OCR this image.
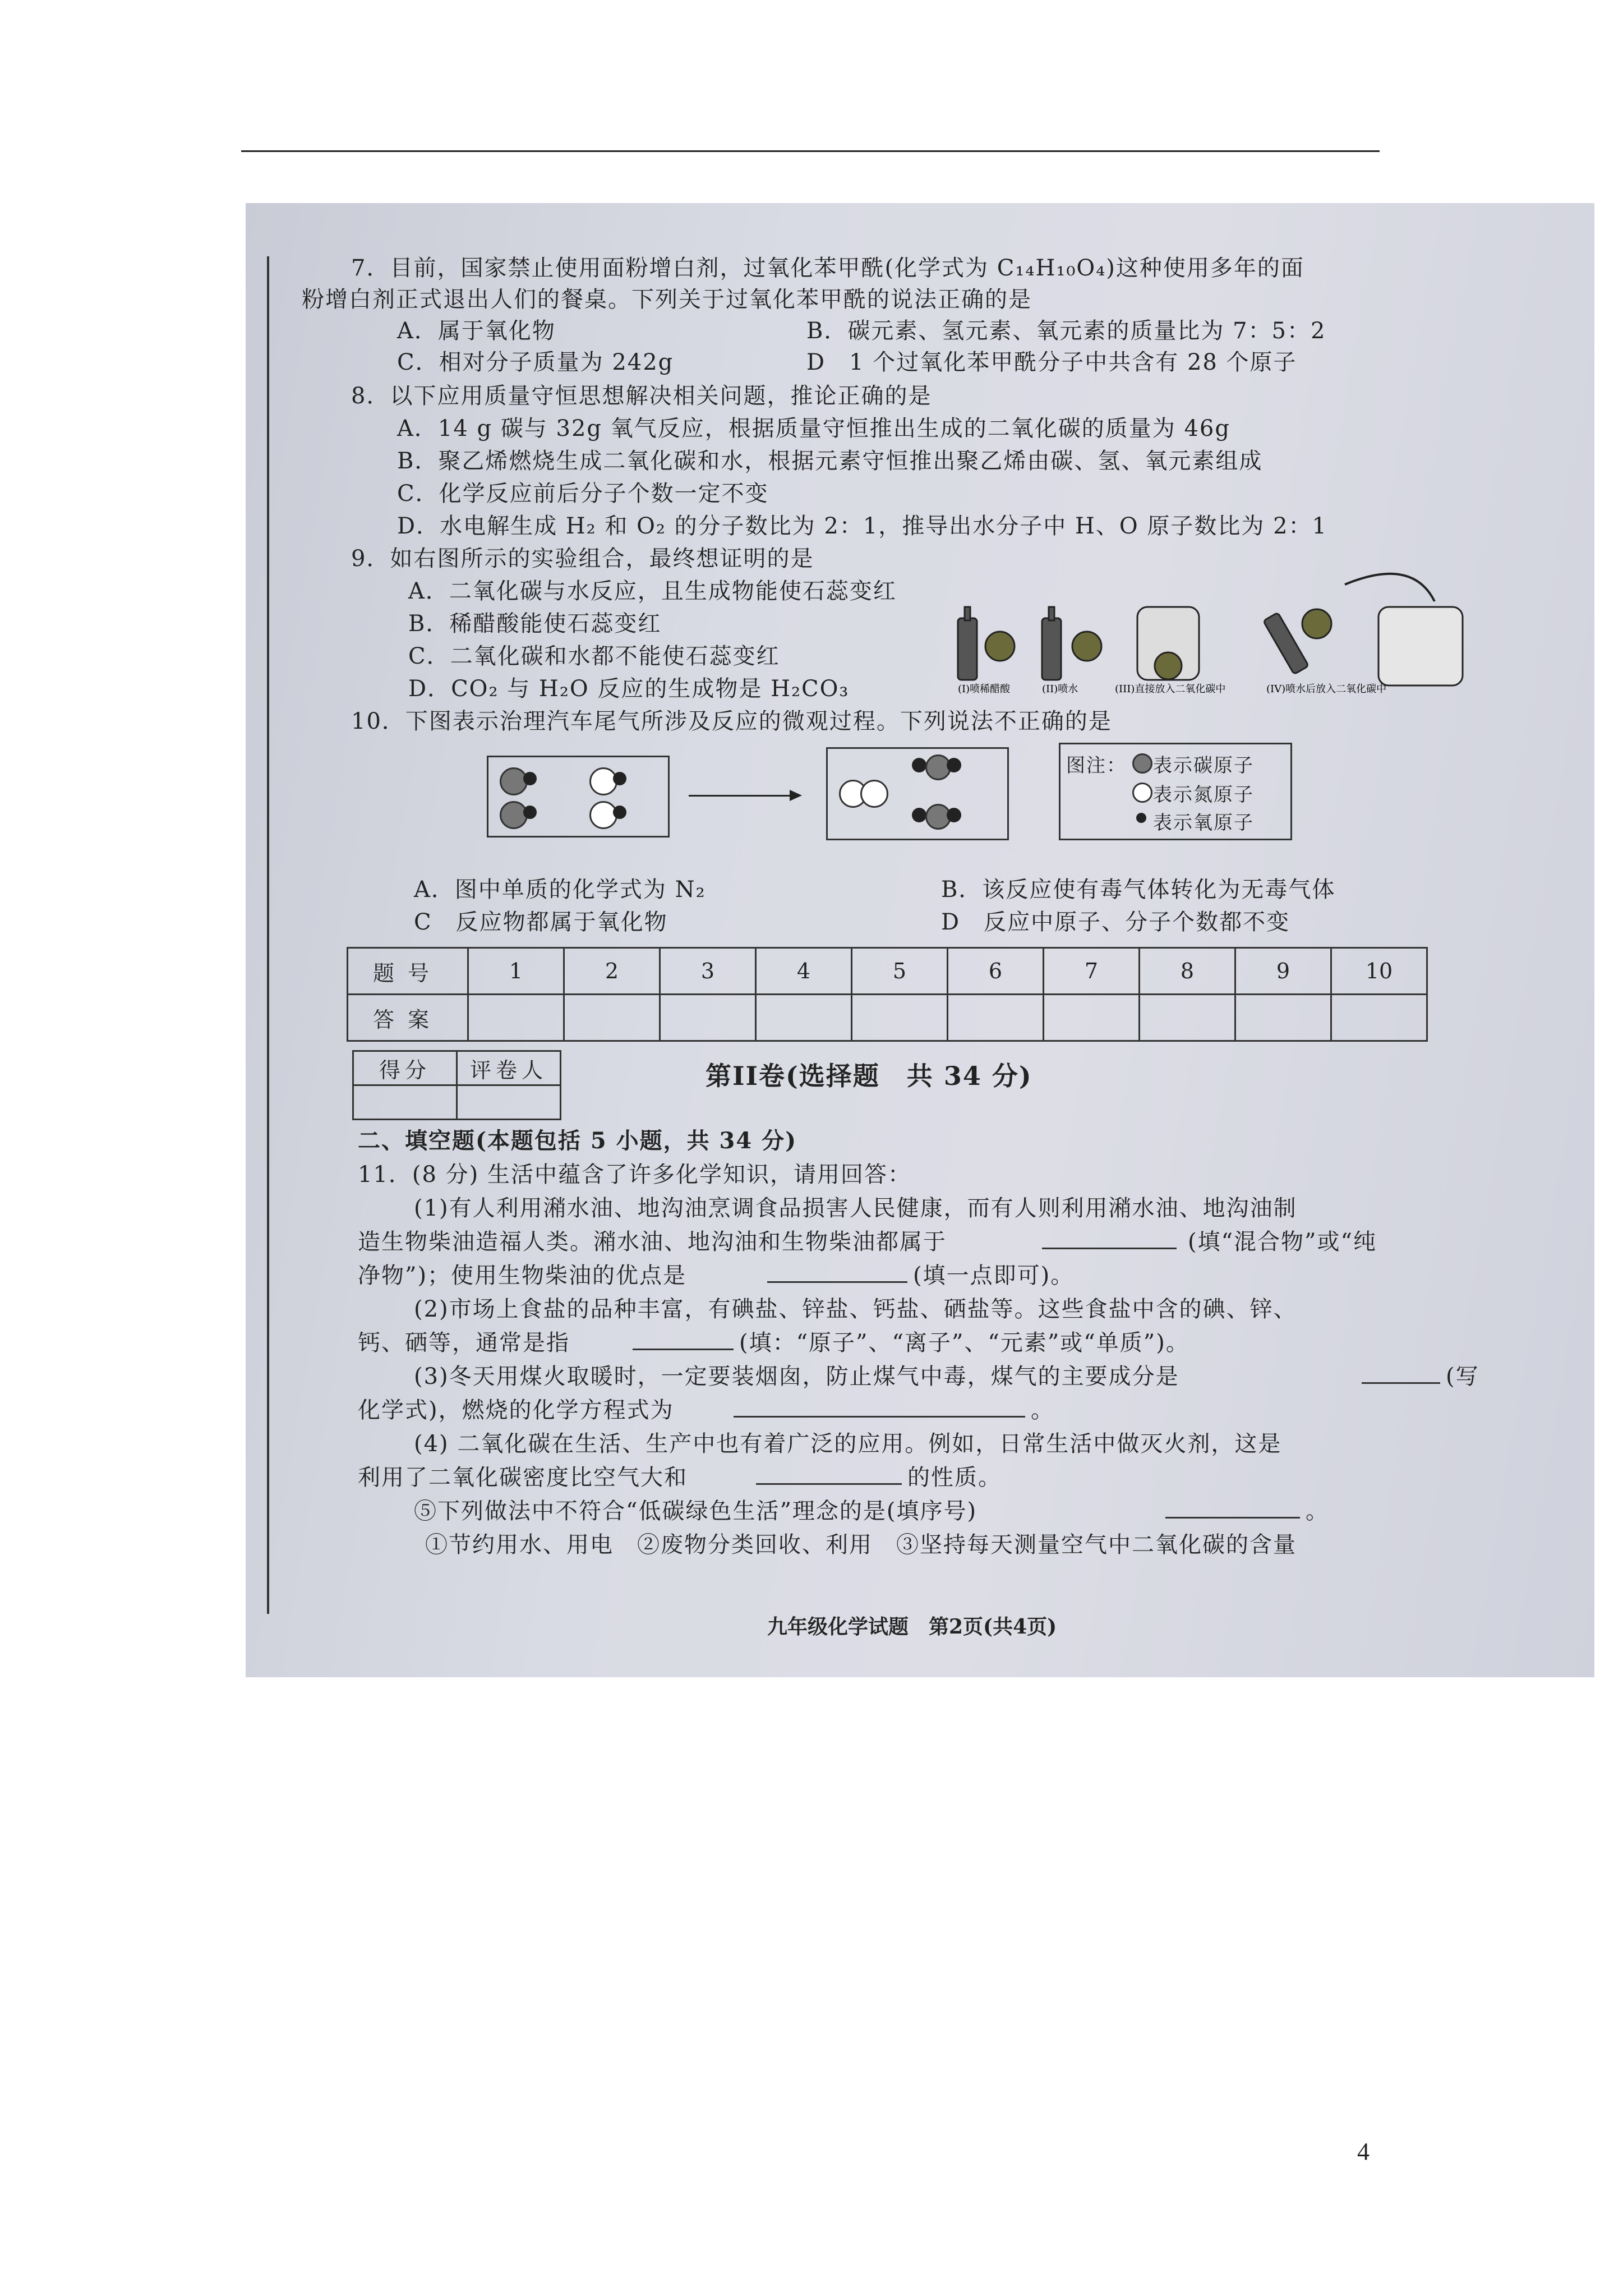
7．目前，国家禁止使用面粉增白剂，过氧化苯甲酰(化学式为 C₁₄H₁₀O₄)这种使用多年的面
粉增白剂正式退出人们的餐桌。下列关于过氧化苯甲酰的说法正确的是
A．属于氧化物	B．碳元素、氢元素、氧元素的质量比为 7：5：2
C．相对分子质量为 242g	D　1 个过氧化苯甲酰分子中共含有 28 个原子
8．以下应用质量守恒思想解决相关问题，推论正确的是
A．14 g 碳与 32g 氧气反应，根据质量守恒推出生成的二氧化碳的质量为 46g
B．聚乙烯燃烧生成二氧化碳和水，根据元素守恒推出聚乙烯由碳、氢、氧元素组成
C．化学反应前后分子个数一定不变
D．水电解生成 H₂ 和 O₂ 的分子数比为 2：1，推导出水分子中 H、O 原子数比为 2：1
9．如右图所示的实验组合，最终想证明的是
A．二氧化碳与水反应，且生成物能使石蕊变红
B．稀醋酸能使石蕊变红
C．二氧化碳和水都不能使石蕊变红
D．CO₂ 与 H₂O 反应的生成物是 H₂CO₃	(I)喷稀醋酸	(II)喷水	(III)直接放入二氧化碳中	(IV)喷水后放入二氧化碳中
10．下图表示治理汽车尾气所涉及反应的微观过程。下列说法不正确的是
图注： 表示碳原子
表示氮原子
表示氧原子
A．图中单质的化学式为 N₂	B．该反应使有毒气体转化为无毒气体
C　反应物都属于氧化物	D　反应中原子、分子个数都不变
题号	1	2	3	4	5	6	7	8	9	10
答案										
得分	评卷人
		第II卷(选择题　共 34 分)
二、填空题(本题包括 5 小题，共 34 分)
11．(8 分) 生活中蕴含了许多化学知识，请用回答：
(1)有人利用潲水油、地沟油烹调食品损害人民健康，而有人则利用潲水油、地沟油制
造生物柴油造福人类。潲水油、地沟油和生物柴油都属于	(填“混合物”或“纯
净物”)；使用生物柴油的优点是	(填一点即可)。
(2)市场上食盐的品种丰富，有碘盐、锌盐、钙盐、硒盐等。这些食盐中含的碘、锌、
钙、硒等，通常是指	(填：“原子”、“离子”、“元素”或“单质”)。
(3)冬天用煤火取暖时，一定要装烟囱，防止煤气中毒，煤气的主要成分是	(写
化学式)，燃烧的化学方程式为	。
(4) 二氧化碳在生活、生产中也有着广泛的应用。例如，日常生活中做灭火剂，这是
利用了二氧化碳密度比空气大和	的性质。
⑤下列做法中不符合“低碳绿色生活”理念的是(填序号)	。
①节约用水、用电　②废物分类回收、利用　③坚持每天测量空气中二氧化碳的含量
九年级化学试题　第2页(共4页)
4
